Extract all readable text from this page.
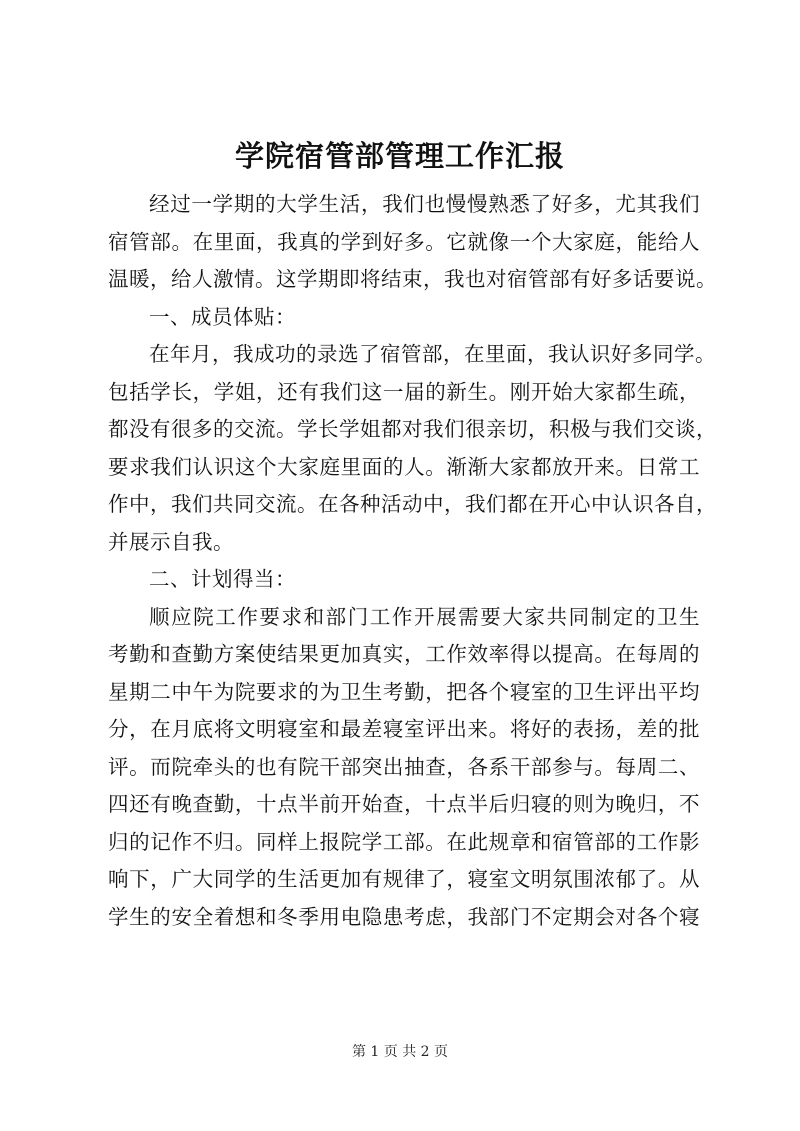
学院宿管部管理工作汇报
经过一学期的大学生活，我们也慢慢熟悉了好多，尤其我们
宿管部。在里面，我真的学到好多。它就像一个大家庭，能给人
温暖，给人激情。这学期即将结束，我也对宿管部有好多话要说。
一、成员体贴：
在年月，我成功的录选了宿管部，在里面，我认识好多同学。
包括学长，学姐，还有我们这一届的新生。刚开始大家都生疏，
都没有很多的交流。学长学姐都对我们很亲切，积极与我们交谈，
要求我们认识这个大家庭里面的人。渐渐大家都放开来。日常工
作中，我们共同交流。在各种活动中，我们都在开心中认识各自，
并展示自我。
二、计划得当：
顺应院工作要求和部门工作开展需要大家共同制定的卫生
考勤和查勤方案使结果更加真实，工作效率得以提高。在每周的
星期二中午为院要求的为卫生考勤，把各个寝室的卫生评出平均
分，在月底将文明寝室和最差寝室评出来。将好的表扬，差的批
评。而院牵头的也有院干部突出抽查，各系干部参与。每周二、
四还有晚查勤，十点半前开始查，十点半后归寝的则为晚归，不
归的记作不归。同样上报院学工部。在此规章和宿管部的工作影
响下，广大同学的生活更加有规律了，寝室文明氛围浓郁了。从
学生的安全着想和冬季用电隐患考虑，我部门不定期会对各个寝
第 1 页 共 2 页
